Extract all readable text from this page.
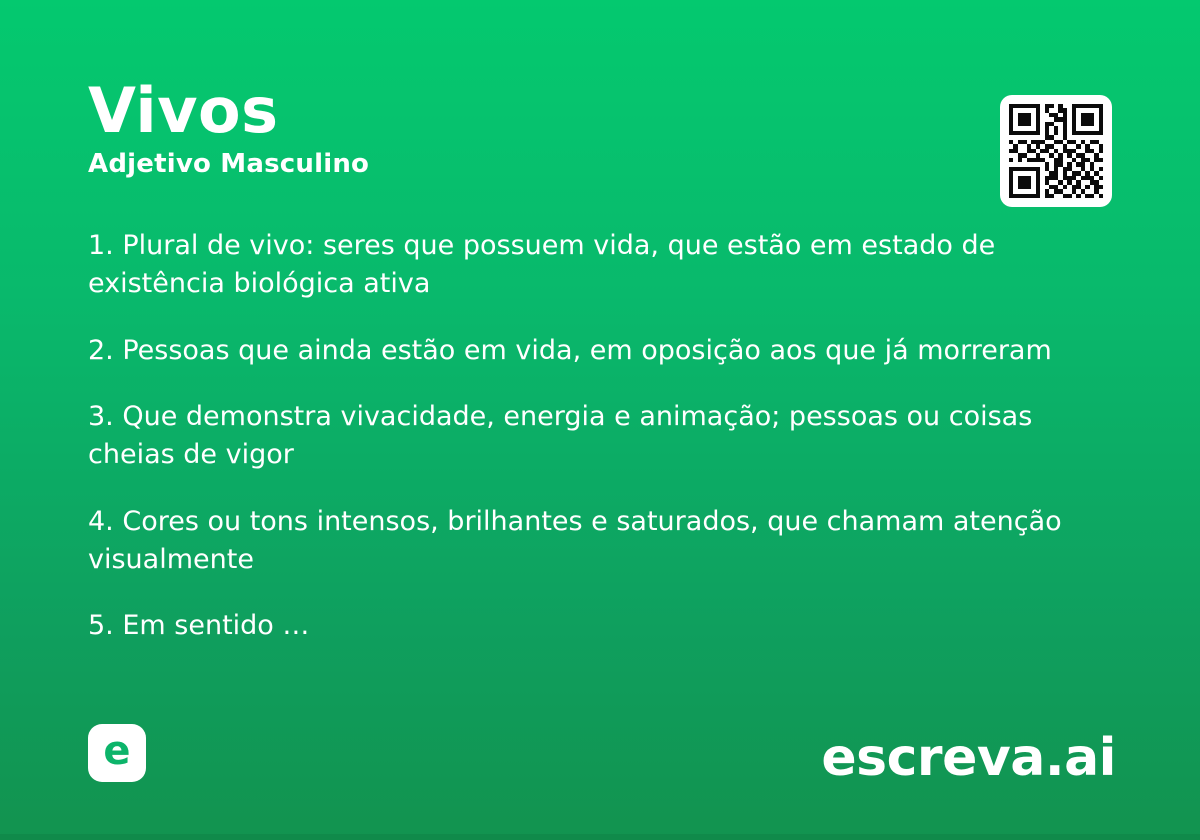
Vivos

Adjetivo Masculino

1. Plural de vivo: seres que possuem vida, que estão em estado de existência biológica ativa

2. Pessoas que ainda estão em vida, em oposição aos que já morreram

3. Que demonstra vivacidade, energia e animação; pessoas ou coisas cheias de vigor

4. Cores ou tons intensos, brilhantes e saturados, que chamam atenção visualmente

5. Em sentido …

e	escreva.ai
